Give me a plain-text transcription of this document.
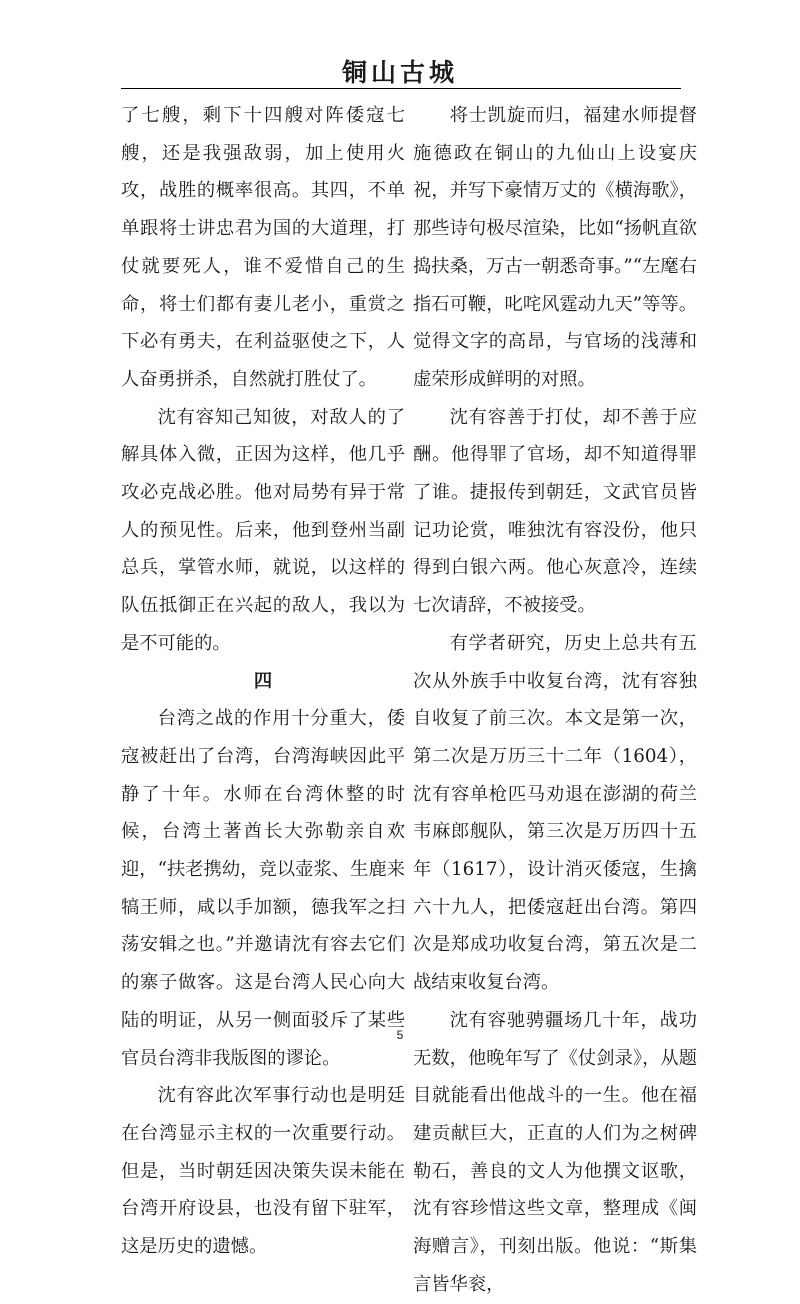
铜山古城

了七艘，剩下十四艘对阵倭寇七艘，还是我强敌弱，加上使用火攻，战胜的概率很高。其四，不单单跟将士讲忠君为国的大道理，打仗就要死人，谁不爱惜自己的生命，将士们都有妻儿老小，重赏之下必有勇夫，在利益驱使之下，人人奋勇拼杀，自然就打胜仗了。

沈有容知己知彼，对敌人的了解具体入微，正因为这样，他几乎攻必克战必胜。他对局势有异于常人的预见性。后来，他到登州当副总兵，掌管水师，就说，以这样的队伍抵御正在兴起的敌人，我以为是不可能的。

四

台湾之战的作用十分重大，倭寇被赶出了台湾，台湾海峡因此平静了十年。水师在台湾休整的时候，台湾土著酋长大弥勒亲自欢迎，“扶老携幼，竞以壶浆、生鹿来犒王师，咸以手加额，德我军之扫荡安辑之也。”并邀请沈有容去它们的寨子做客。这是台湾人民心向大陆的明证，从另一侧面驳斥了某些官员台湾非我版图的谬论。

沈有容此次军事行动也是明廷在台湾显示主权的一次重要行动。但是，当时朝廷因决策失误未能在台湾开府设县，也没有留下驻军，这是历史的遗憾。

将士凯旋而归，福建水师提督施德政在铜山的九仙山上设宴庆祝，并写下豪情万丈的《横海歌》，那些诗句极尽渲染，比如“扬帆直欲捣扶桑，万古一朝悉奇事。”“左麾右指石可鞭，叱咤风霆动九天”等等。觉得文字的高昂，与官场的浅薄和虚荣形成鲜明的对照。

沈有容善于打仗，却不善于应酬。他得罪了官场，却不知道得罪了谁。捷报传到朝廷，文武官员皆记功论赏，唯独沈有容没份，他只得到白银六两。他心灰意冷，连续七次请辞，不被接受。

有学者研究，历史上总共有五次从外族手中收复台湾，沈有容独自收复了前三次。本文是第一次，第二次是万历三十二年（1604），沈有容单枪匹马劝退在澎湖的荷兰韦麻郎舰队，第三次是万历四十五年（1617），设计消灭倭寇，生擒六十九人，把倭寇赶出台湾。第四次是郑成功收复台湾，第五次是二战结束收复台湾。

沈有容驰骋疆场几十年，战功无数，他晚年写了《仗剑录》，从题目就能看出他战斗的一生。他在福建贡献巨大，正直的人们为之树碑勒石，善良的文人为他撰文讴歌，沈有容珍惜这些文章，整理成《闽海赠言》，刊刻出版。他说：“斯集言皆华衮，

5
